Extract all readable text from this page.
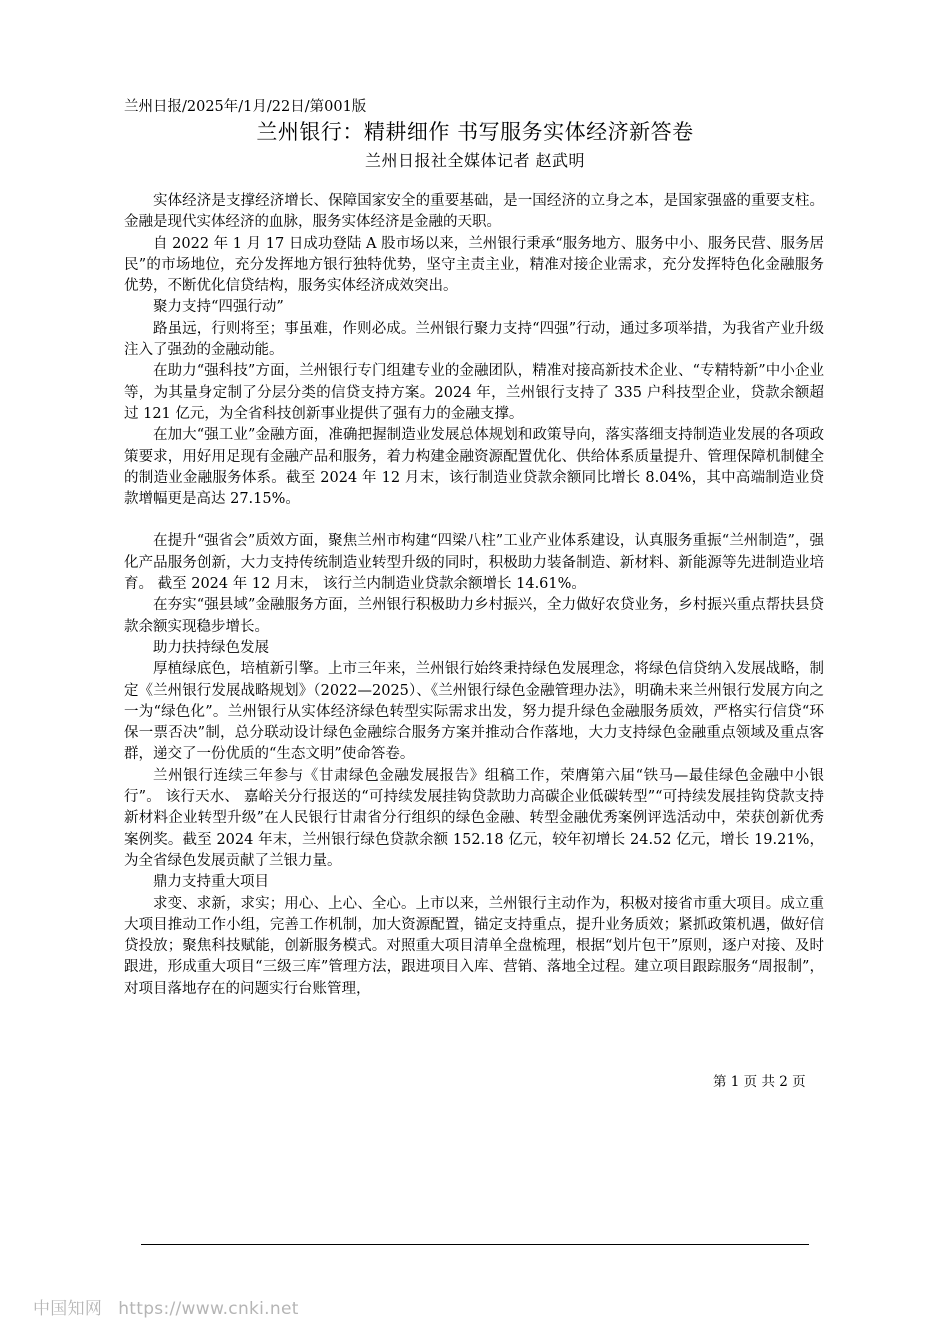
兰州日报/2025年/1月/22日/第001版
兰州银行：精耕细作 书写服务实体经济新答卷
兰州日报社全媒体记者 赵武明

实体经济是支撑经济增长、保障国家安全的重要基础，是一国经济的立身之本，是国家强盛的重要支柱。金融是现代实体经济的血脉，服务实体经济是金融的天职。

自 2022 年 1 月 17 日成功登陆 A 股市场以来，兰州银行秉承“服务地方、服务中小、服务民营、服务居民”的市场地位，充分发挥地方银行独特优势，坚守主责主业，精准对接企业需求，充分发挥特色化金融服务优势，不断优化信贷结构，服务实体经济成效突出。

聚力支持“四强行动”

路虽远，行则将至；事虽难，作则必成。兰州银行聚力支持“四强”行动，通过多项举措，为我省产业升级注入了强劲的金融动能。

在助力“强科技”方面，兰州银行专门组建专业的金融团队，精准对接高新技术企业、“专精特新”中小企业等，为其量身定制了分层分类的信贷支持方案。2024 年，兰州银行支持了 335 户科技型企业，贷款余额超过 121 亿元，为全省科技创新事业提供了强有力的金融支撑。

在加大“强工业”金融方面，准确把握制造业发展总体规划和政策导向，落实落细支持制造业发展的各项政策要求，用好用足现有金融产品和服务，着力构建金融资源配置优化、供给体系质量提升、管理保障机制健全的制造业金融服务体系。截至 2024 年 12 月末，该行制造业贷款余额同比增长 8.04%，其中高端制造业贷款增幅更是高达 27.15%。

在提升“强省会”质效方面，聚焦兰州市构建“四梁八柱”工业产业体系建设，认真服务重振“兰州制造”，强化产品服务创新，大力支持传统制造业转型升级的同时，积极助力装备制造、新材料、新能源等先进制造业培育。 截至 2024 年 12 月末， 该行兰内制造业贷款余额增长 14.61%。

在夯实“强县域”金融服务方面，兰州银行积极助力乡村振兴，全力做好农贷业务，乡村振兴重点帮扶县贷款余额实现稳步增长。

助力扶持绿色发展

厚植绿底色，培植新引擎。上市三年来，兰州银行始终秉持绿色发展理念，将绿色信贷纳入发展战略，制定《兰州银行发展战略规划》（2022—2025）、《兰州银行绿色金融管理办法》，明确未来兰州银行发展方向之一为“绿色化”。兰州银行从实体经济绿色转型实际需求出发，努力提升绿色金融服务质效，严格实行信贷“环保一票否决”制，总分联动设计绿色金融综合服务方案并推动合作落地，大力支持绿色金融重点领域及重点客群，递交了一份优质的“生态文明”使命答卷。

兰州银行连续三年参与《甘肃绿色金融发展报告》组稿工作，荣膺第六届“铁马—最佳绿色金融中小银行”。 该行天水、 嘉峪关分行报送的“可持续发展挂钩贷款助力高碳企业低碳转型”“可持续发展挂钩贷款支持新材料企业转型升级”在人民银行甘肃省分行组织的绿色金融、转型金融优秀案例评选活动中，荣获创新优秀案例奖。截至 2024 年末，兰州银行绿色贷款余额 152.18 亿元，较年初增长 24.52 亿元，增长 19.21%，为全省绿色发展贡献了兰银力量。

鼎力支持重大项目

求变、求新，求实；用心、上心、全心。上市以来，兰州银行主动作为，积极对接省市重大项目。成立重大项目推动工作小组，完善工作机制，加大资源配置，锚定支持重点，提升业务质效；紧抓政策机遇，做好信贷投放；聚焦科技赋能，创新服务模式。对照重大项目清单全盘梳理，根据“划片包干”原则，逐户对接、及时跟进，形成重大项目“三级三库”管理方法，跟进项目入库、营销、落地全过程。建立项目跟踪服务“周报制”，对项目落地存在的问题实行台账管理，

第 1 页 共 2 页
中国知网 https://www.cnki.net
